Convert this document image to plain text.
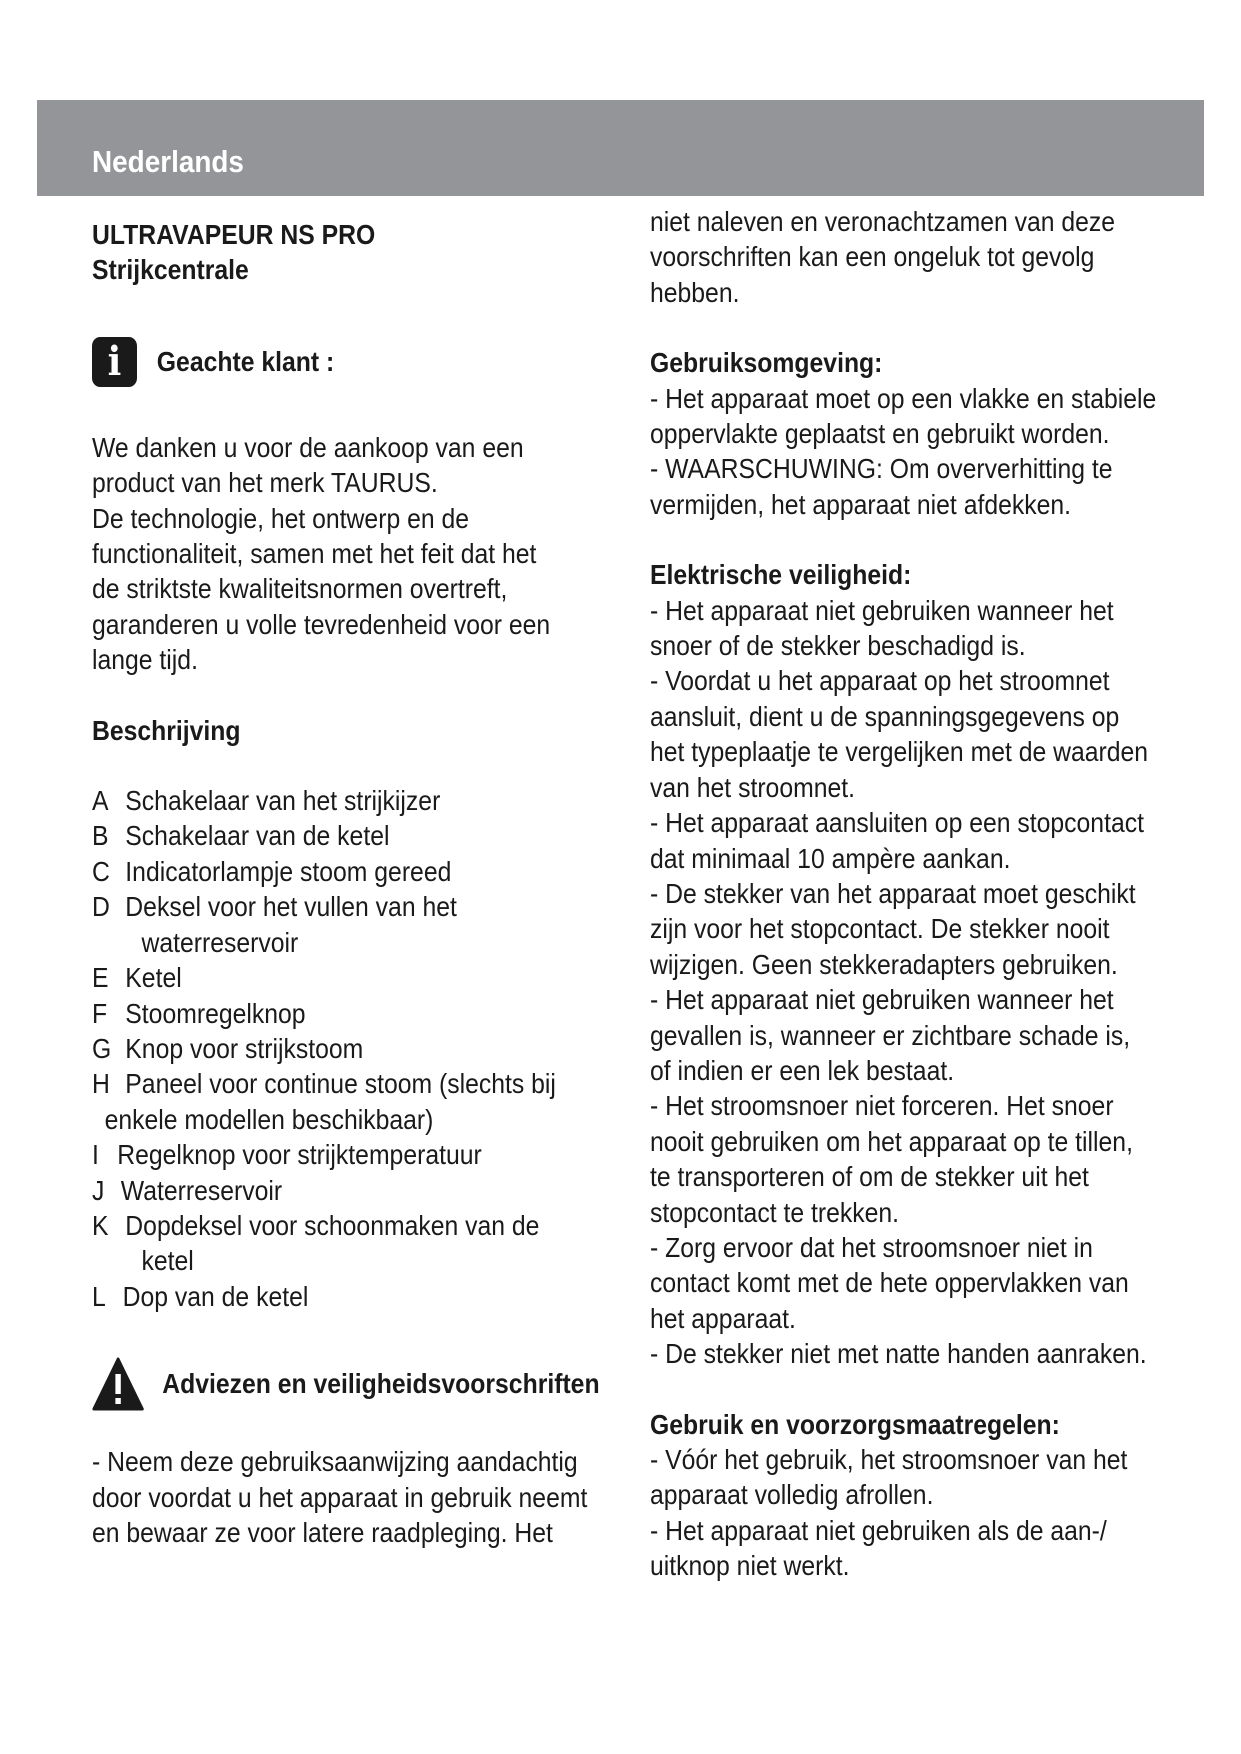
Nederlands

ULTRAVAPEUR NS PRO

Strijkcentrale

i	Geachte klant :

We danken u voor de aankoop van een

product van het merk TAURUS.

De technologie, het ontwerp en de

functionaliteit, samen met het feit dat het

de striktste kwaliteitsnormen overtreft,

garanderen u volle tevredenheid voor een

lange tijd.

Beschrijving

A Schakelaar van het strijkijzer
B Schakelaar van de ketel
C Indicatorlampje stoom gereed
D Deksel voor het vullen van het

waterreservoir

E Ketel
F Stoomregelknop
G Knop voor strijkstoom
H Paneel voor continue stoom (slechts bij

enkele modellen beschikbaar)

I Regelknop voor strijktemperatuur
J Waterreservoir
K Dopdeksel voor schoonmaken van de

ketel

L Dop van de ketel
Adviezen en veiligheidsvoorschriften

- Neem deze gebruiksaanwijzing aandachtig

door voordat u het apparaat in gebruik neemt

en bewaar ze voor latere raadpleging. Het

niet naleven en veronachtzamen van deze

voorschriften kan een ongeluk tot gevolg

hebben.

Gebruiksomgeving:

- Het apparaat moet op een vlakke en stabiele

oppervlakte geplaatst en gebruikt worden.

- WAARSCHUWING: Om oververhitting te

vermijden, het apparaat niet afdekken.

Elektrische veiligheid:

- Het apparaat niet gebruiken wanneer het

snoer of de stekker beschadigd is.

- Voordat u het apparaat op het stroomnet

aansluit, dient u de spanningsgegevens op

het typeplaatje te vergelijken met de waarden

van het stroomnet.

- Het apparaat aansluiten op een stopcontact

dat minimaal 10 ampère aankan.

- De stekker van het apparaat moet geschikt

zijn voor het stopcontact. De stekker nooit

wijzigen. Geen stekkeradapters gebruiken.

- Het apparaat niet gebruiken wanneer het

gevallen is, wanneer er zichtbare schade is,

of indien er een lek bestaat.

- Het stroomsnoer niet forceren. Het snoer

nooit gebruiken om het apparaat op te tillen,

te transporteren of om de stekker uit het

stopcontact te trekken.

- Zorg ervoor dat het stroomsnoer niet in

contact komt met de hete oppervlakken van

het apparaat.

- De stekker niet met natte handen aanraken.

Gebruik en voorzorgsmaatregelen:

- Vóór het gebruik, het stroomsnoer van het

apparaat volledig afrollen.

- Het apparaat niet gebruiken als de aan-/

uitknop niet werkt.
